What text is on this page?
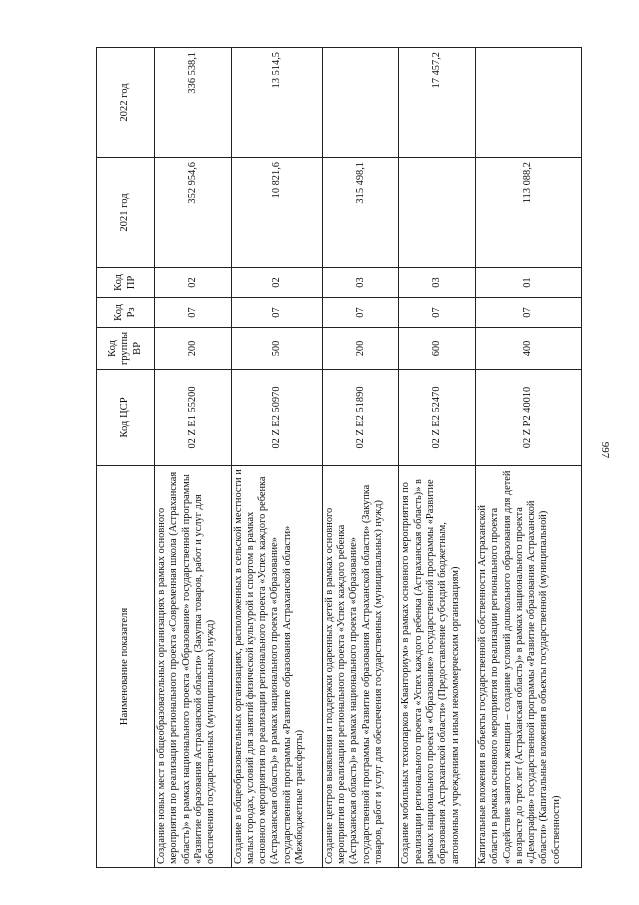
997
Наименование показателя	Код ЦСР	Код группы ВР	Код Рз	Код ПР	2021 год	2022 год
Создание новых мест в общеобразовательных организациях в рамках основного мероприятия по реализации регионального проекта «Современная школа (Астраханская область)» в рамках национального проекта «Образование» государственной программы «Развитие образования Астраханской области» (Закупка товаров, работ и услуг для обеспечения государственных (муниципальных) нужд)	02 Z E1 55200	200	07	02	352 954,6	336 538,1
Создание в общеобразовательных организациях, расположенных в сельской местности и малых городах, условий для занятий физической культурой и спортом в рамках основного мероприятия по реализации регионального проекта «Успех каждого ребенка (Астраханская область)» в рамках национального проекта «Образование» государственной программы «Развитие образования Астраханской области» (Межбюджетные трансферты)	02 Z E2 50970	500	07	02	10 821,6	13 514,5
Создание центров выявления и поддержки одаренных детей в рамках основного мероприятия по реализации регионального проекта «Успех каждого ребенка (Астраханская область)» в рамках национального проекта «Образование» государственной программы «Развитие образования Астраханской области» (Закупка товаров, работ и услуг для обеспечения государственных (муниципальных) нужд)	02 Z E2 51890	200	07	03	315 498,1	
Создание мобильных технопарков «Кванториум» в рамках основного мероприятия по реализации регионального проекта «Успех каждого ребенка (Астраханская область)» в рамках национального проекта «Образование» государственной программы «Развитие образования Астраханской области» (Предоставление субсидий бюджетным, автономным учреждениям и иным некоммерческим организациям)	02 Z E2 52470	600	07	03		17 457,2
Капитальные вложения в объекты государственной собственности Астраханской области в рамках основного мероприятия по реализации регионального проекта «Содействие занятости женщин – создание условий дошкольного образования для детей в возрасте до трех лет (Астраханская область)» в рамках национального проекта «Демография» государственной программы «Развитие образования Астраханской области» (Капитальные вложения в объекты государственной (муниципальной) собственности)	02 Z P2 40010	400	07	01	113 088,2	
